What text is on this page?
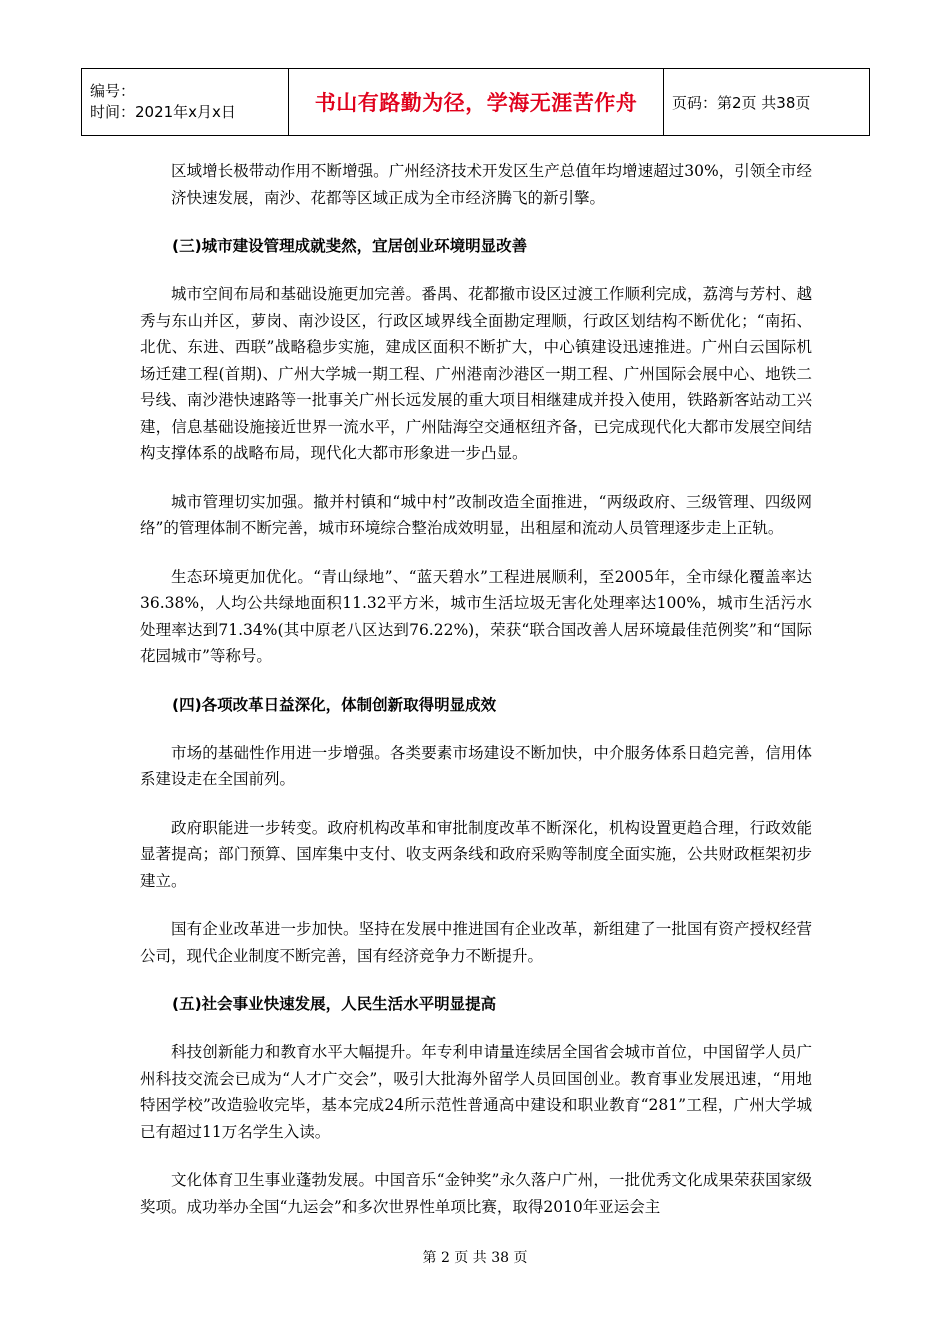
编号：
时间：2021年x月x日	书山有路勤为径，学海无涯苦作舟	页码：第2页 共38页

区域增长极带动作用不断增强。广州经济技术开发区生产总值年均增速超过30%，引领全市经济快速发展，南沙、花都等区域正成为全市经济腾飞的新引擎。

(三)城市建设管理成就斐然，宜居创业环境明显改善

城市空间布局和基础设施更加完善。番禺、花都撤市设区过渡工作顺利完成，荔湾与芳村、越秀与东山并区，萝岗、南沙设区，行政区域界线全面勘定理顺，行政区划结构不断优化；“南拓、北优、东进、西联”战略稳步实施，建成区面积不断扩大，中心镇建设迅速推进。广州白云国际机场迁建工程(首期)、广州大学城一期工程、广州港南沙港区一期工程、广州国际会展中心、地铁二号线、南沙港快速路等一批事关广州长远发展的重大项目相继建成并投入使用，铁路新客站动工兴建，信息基础设施接近世界一流水平，广州陆海空交通枢纽齐备，已完成现代化大都市发展空间结构支撑体系的战略布局，现代化大都市形象进一步凸显。

城市管理切实加强。撤并村镇和“城中村”改制改造全面推进，“两级政府、三级管理、四级网络”的管理体制不断完善，城市环境综合整治成效明显，出租屋和流动人员管理逐步走上正轨。

生态环境更加优化。“青山绿地”、“蓝天碧水”工程进展顺利，至2005年，全市绿化覆盖率达36.38%，人均公共绿地面积11.32平方米，城市生活垃圾无害化处理率达100%，城市生活污水处理率达到71.34%(其中原老八区达到76.22%)，荣获“联合国改善人居环境最佳范例奖”和“国际花园城市”等称号。

(四)各项改革日益深化，体制创新取得明显成效

市场的基础性作用进一步增强。各类要素市场建设不断加快，中介服务体系日趋完善，信用体系建设走在全国前列。

政府职能进一步转变。政府机构改革和审批制度改革不断深化，机构设置更趋合理，行政效能显著提高；部门预算、国库集中支付、收支两条线和政府采购等制度全面实施，公共财政框架初步建立。

国有企业改革进一步加快。坚持在发展中推进国有企业改革，新组建了一批国有资产授权经营公司，现代企业制度不断完善，国有经济竞争力不断提升。

(五)社会事业快速发展，人民生活水平明显提高

科技创新能力和教育水平大幅提升。年专利申请量连续居全国省会城市首位，中国留学人员广州科技交流会已成为“人才广交会”，吸引大批海外留学人员回国创业。教育事业发展迅速，“用地特困学校”改造验收完毕，基本完成24所示范性普通高中建设和职业教育“281”工程，广州大学城已有超过11万名学生入读。

文化体育卫生事业蓬勃发展。中国音乐“金钟奖”永久落户广州，一批优秀文化成果荣获国家级奖项。成功举办全国“九运会”和多次世界性单项比赛，取得2010年亚运会主

第 2 页 共 38 页
